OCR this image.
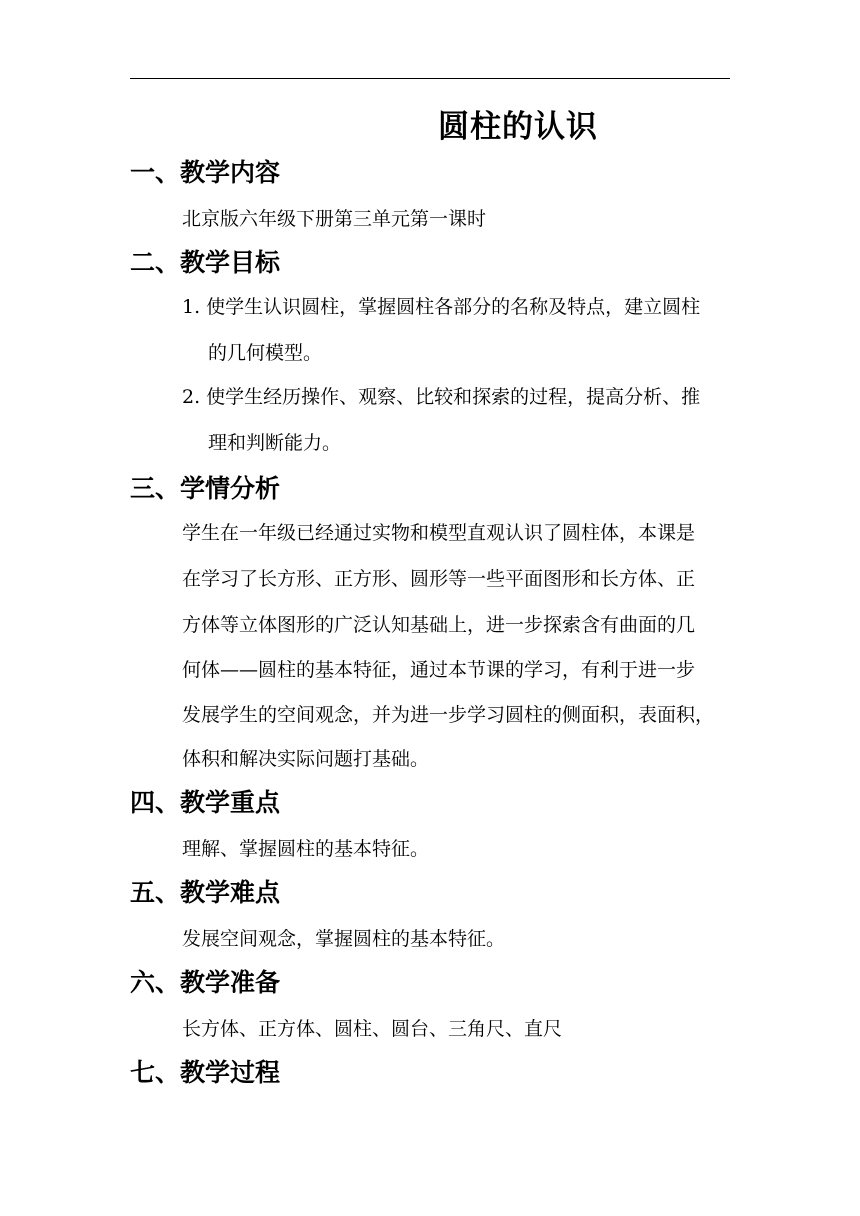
圆柱的认识
一、教学内容

北京版六年级下册第三单元第一课时

二、教学目标

1. 使学生认识圆柱，掌握圆柱各部分的名称及特点，建立圆柱

的几何模型。

2. 使学生经历操作、观察、比较和探索的过程，提高分析、推

理和判断能力。

三、学情分析

学生在一年级已经通过实物和模型直观认识了圆柱体，本课是

在学习了长方形、正方形、圆形等一些平面图形和长方体、正

方体等立体图形的广泛认知基础上，进一步探索含有曲面的几

何体——圆柱的基本特征，通过本节课的学习，有利于进一步

发展学生的空间观念，并为进一步学习圆柱的侧面积，表面积，

体积和解决实际问题打基础。

四、教学重点

理解、掌握圆柱的基本特征。

五、教学难点

发展空间观念，掌握圆柱的基本特征。

六、教学准备

长方体、正方体、圆柱、圆台、三角尺、直尺

七、教学过程
